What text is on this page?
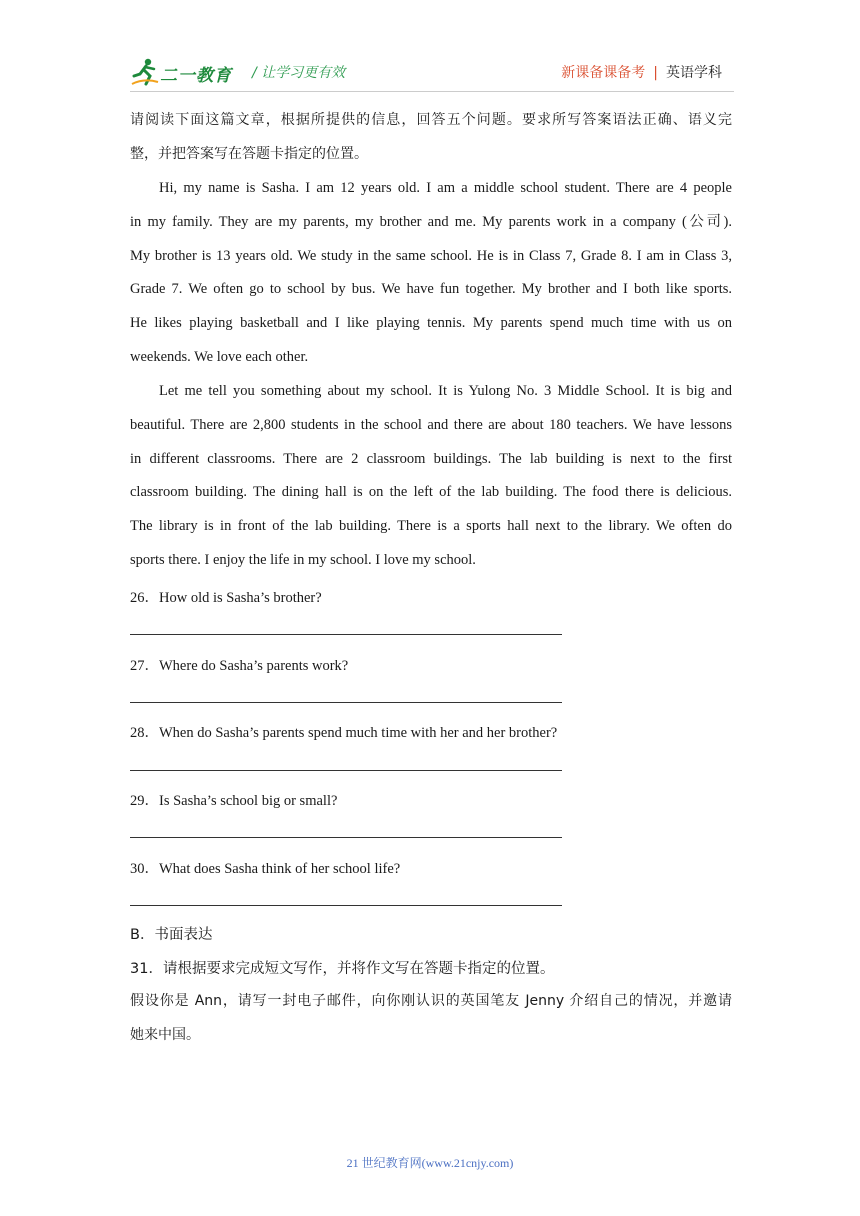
二一教育 / 让学习更有效	新课备课备考 | 英语学科
请阅读下面这篇文章，根据所提供的信息，回答五个问题。要求所写答案语法正确、语义完
整，并把答案写在答题卡指定的位置。
Hi, my name is Sasha. I am 12 years old. I am a middle school student. There are 4 people
in my family. They are my parents, my brother and me. My parents work in a company (公司).
My brother is 13 years old. We study in the same school. He is in Class 7, Grade 8. I am in Class 3,
Grade 7. We often go to school by bus. We have fun together. My brother and I both like sports.
He likes playing basketball and I like playing tennis. My parents spend much time with us on
weekends. We love each other.
Let me tell you something about my school. It is Yulong No. 3 Middle School. It is big and
beautiful. There are 2,800 students in the school and there are about 180 teachers. We have lessons
in different classrooms. There are 2 classroom buildings. The lab building is next to the first
classroom building. The dining hall is on the left of the lab building. The food there is delicious.
The library is in front of the lab building. There is a sports hall next to the library. We often do
sports there. I enjoy the life in my school. I love my school.
26．How old is Sasha’s brother?
27．Where do Sasha’s parents work?
28．When do Sasha’s parents spend much time with her and her brother?
29．Is Sasha’s school big or small?
30．What does Sasha think of her school life?
B．书面表达
31．请根据要求完成短文写作，并将作文写在答题卡指定的位置。
假设你是 Ann，请写一封电子邮件，向你刚认识的英国笔友 Jenny 介绍自己的情况，并邀请
她来中国。
21 世纪教育网(www.21cnjy.com)
